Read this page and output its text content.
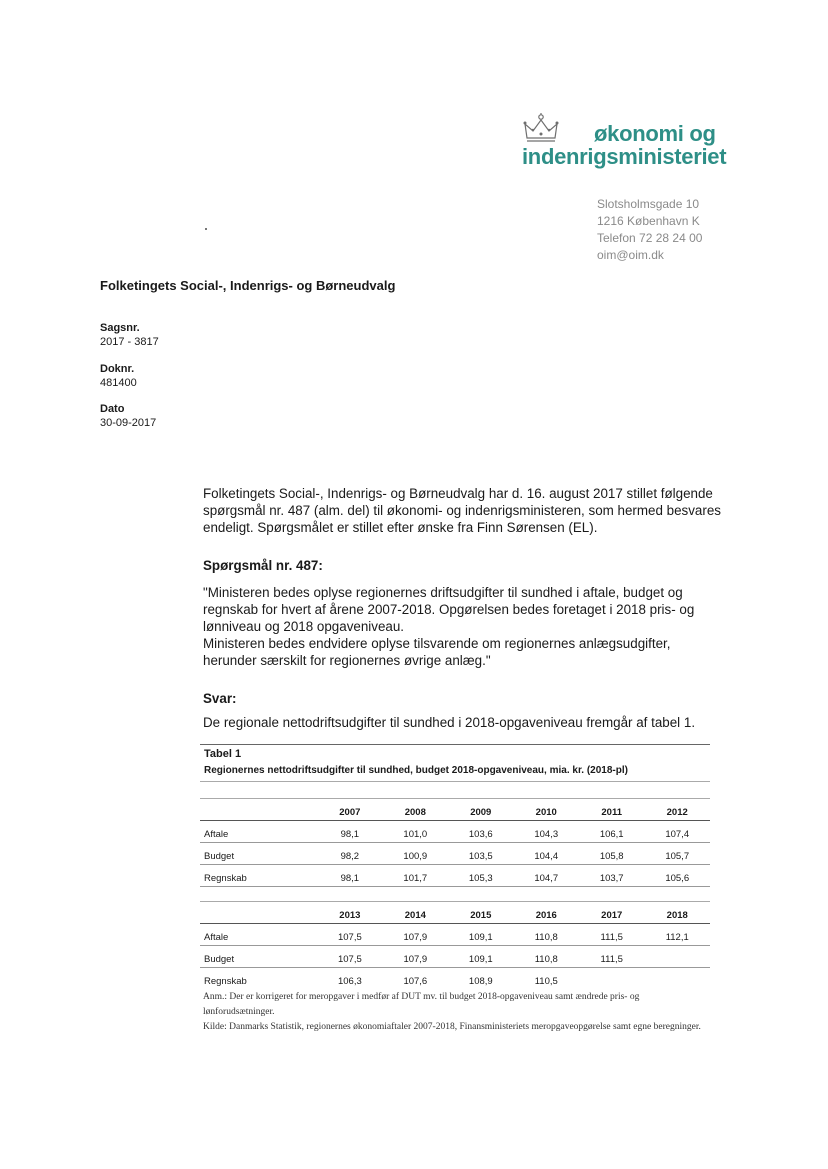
økonomi og
indenrigsministeriet
Slotsholmsgade 10
1216 København K
Telefon 72 28 24 00
oim@oim.dk
Folketingets Social-, Indenrigs- og Børneudvalg
Sagsnr.
2017 - 3817
Doknr.
481400
Dato
30-09-2017

Folketingets Social-, Indenrigs- og Børneudvalg har d. 16. august 2017 stillet følgende spørgsmål nr. 487 (alm. del) til økonomi- og indenrigsministeren, som hermed besvares endeligt. Spørgsmålet er stillet efter ønske fra Finn Sørensen (EL).

Spørgsmål nr. 487:

"Ministeren bedes oplyse regionernes driftsudgifter til sundhed i aftale, budget og regnskab for hvert af årene 2007-2018. Opgørelsen bedes foretaget i 2018 pris- og lønniveau og 2018 opgaveniveau.

Ministeren bedes endvidere oplyse tilsvarende om regionernes anlægsudgifter, herunder særskilt for regionernes øvrige anlæg."

Svar:

De regionale nettodriftsudgifter til sundhed i 2018-opgaveniveau fremgår af tabel 1.

Tabel 1
Regionernes nettodriftsudgifter til sundhed, budget 2018-opgaveniveau, mia. kr. (2018-pl)
	2007	2008	2009	2010	2011	2012
Aftale	98,1	101,0	103,6	104,3	106,1	107,4
Budget	98,2	100,9	103,5	104,4	105,8	105,7
Regnskab	98,1	101,7	105,3	104,7	103,7	105,6
	2013	2014	2015	2016	2017	2018
Aftale	107,5	107,9	109,1	110,8	111,5	112,1
Budget	107,5	107,9	109,1	110,8	111,5	
Regnskab	106,3	107,6	108,9	110,5		

Anm.: Der er korrigeret for meropgaver i medfør af DUT mv. til budget 2018-opgaveniveau samt ændrede pris- og lønforudsætninger.

Kilde: Danmarks Statistik, regionernes økonomiaftaler 2007-2018, Finansministeriets meropgaveopgørelse samt egne beregninger.
